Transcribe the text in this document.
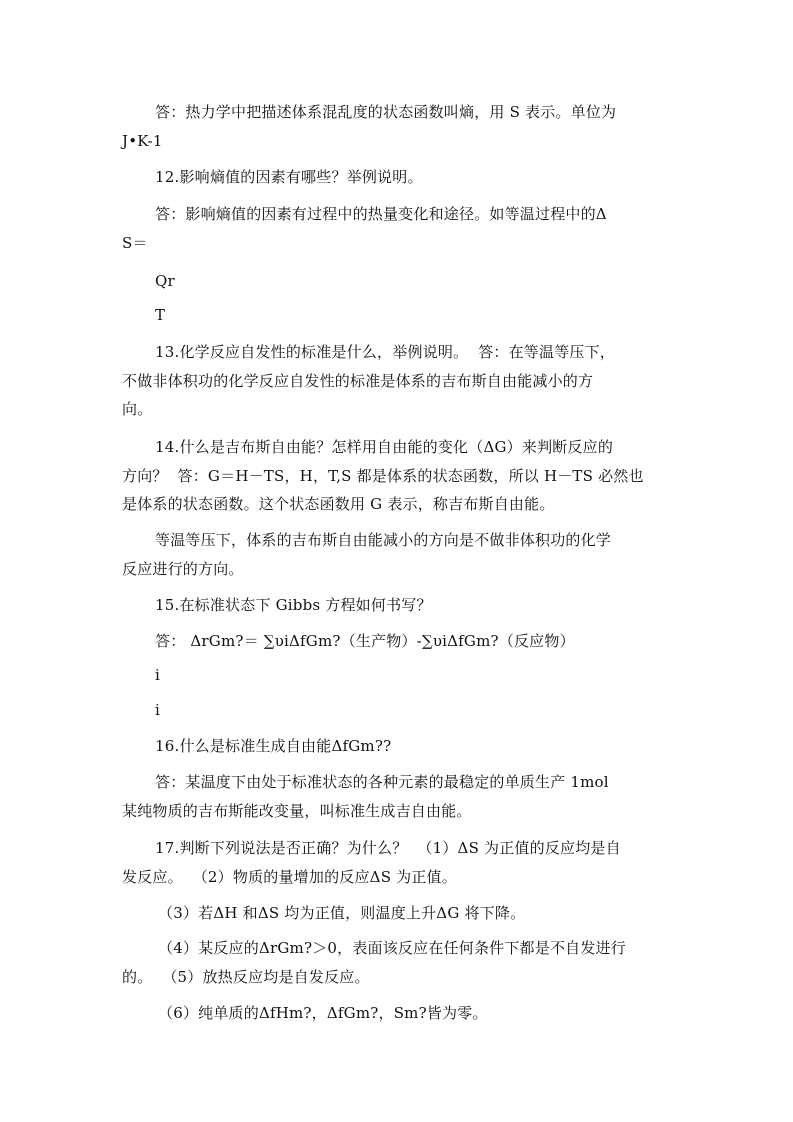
答：热力学中把描述体系混乱度的状态函数叫熵，用 S 表示。单位为
J•K-1
12.影响熵值的因素有哪些？举例说明。
答：影响熵值的因素有过程中的热量变化和途径。如等温过程中的Δ
S＝
Qr
T
13.化学反应自发性的标准是什么，举例说明。  答：在等温等压下，
不做非体积功的化学反应自发性的标准是体系的吉布斯自由能减小的方
向。
14.什么是吉布斯自由能？怎样用自由能的变化（ΔG）来判断反应的
方向？  答：G＝H－TS，H，T,S 都是体系的状态函数，所以 H－TS 必然也
是体系的状态函数。这个状态函数用 G 表示，称吉布斯自由能。
等温等压下，体系的吉布斯自由能减小的方向是不做非体积功的化学
反应进行的方向。
15.在标准状态下 Gibbs 方程如何书写？
答： ΔrGm?＝ ∑υiΔfGm?（生产物）-∑υiΔfGm?（反应物）
i
i
16.什么是标准生成自由能ΔfGm??
答：某温度下由处于标准状态的各种元素的最稳定的单质生产 1mol
某纯物质的吉布斯能改变量，叫标准生成吉自由能。
17.判断下列说法是否正确？为什么？  （1）ΔS 为正值的反应均是自
发反应。  （2）物质的量增加的反应ΔS 为正值。
（3）若ΔH 和ΔS 均为正值，则温度上升ΔG 将下降。
（4）某反应的ΔrGm?＞0，表面该反应在任何条件下都是不自发进行
的。  （5）放热反应均是自发反应。
（6）纯单质的ΔfHm?，ΔfGm?，Sm?皆为零。
